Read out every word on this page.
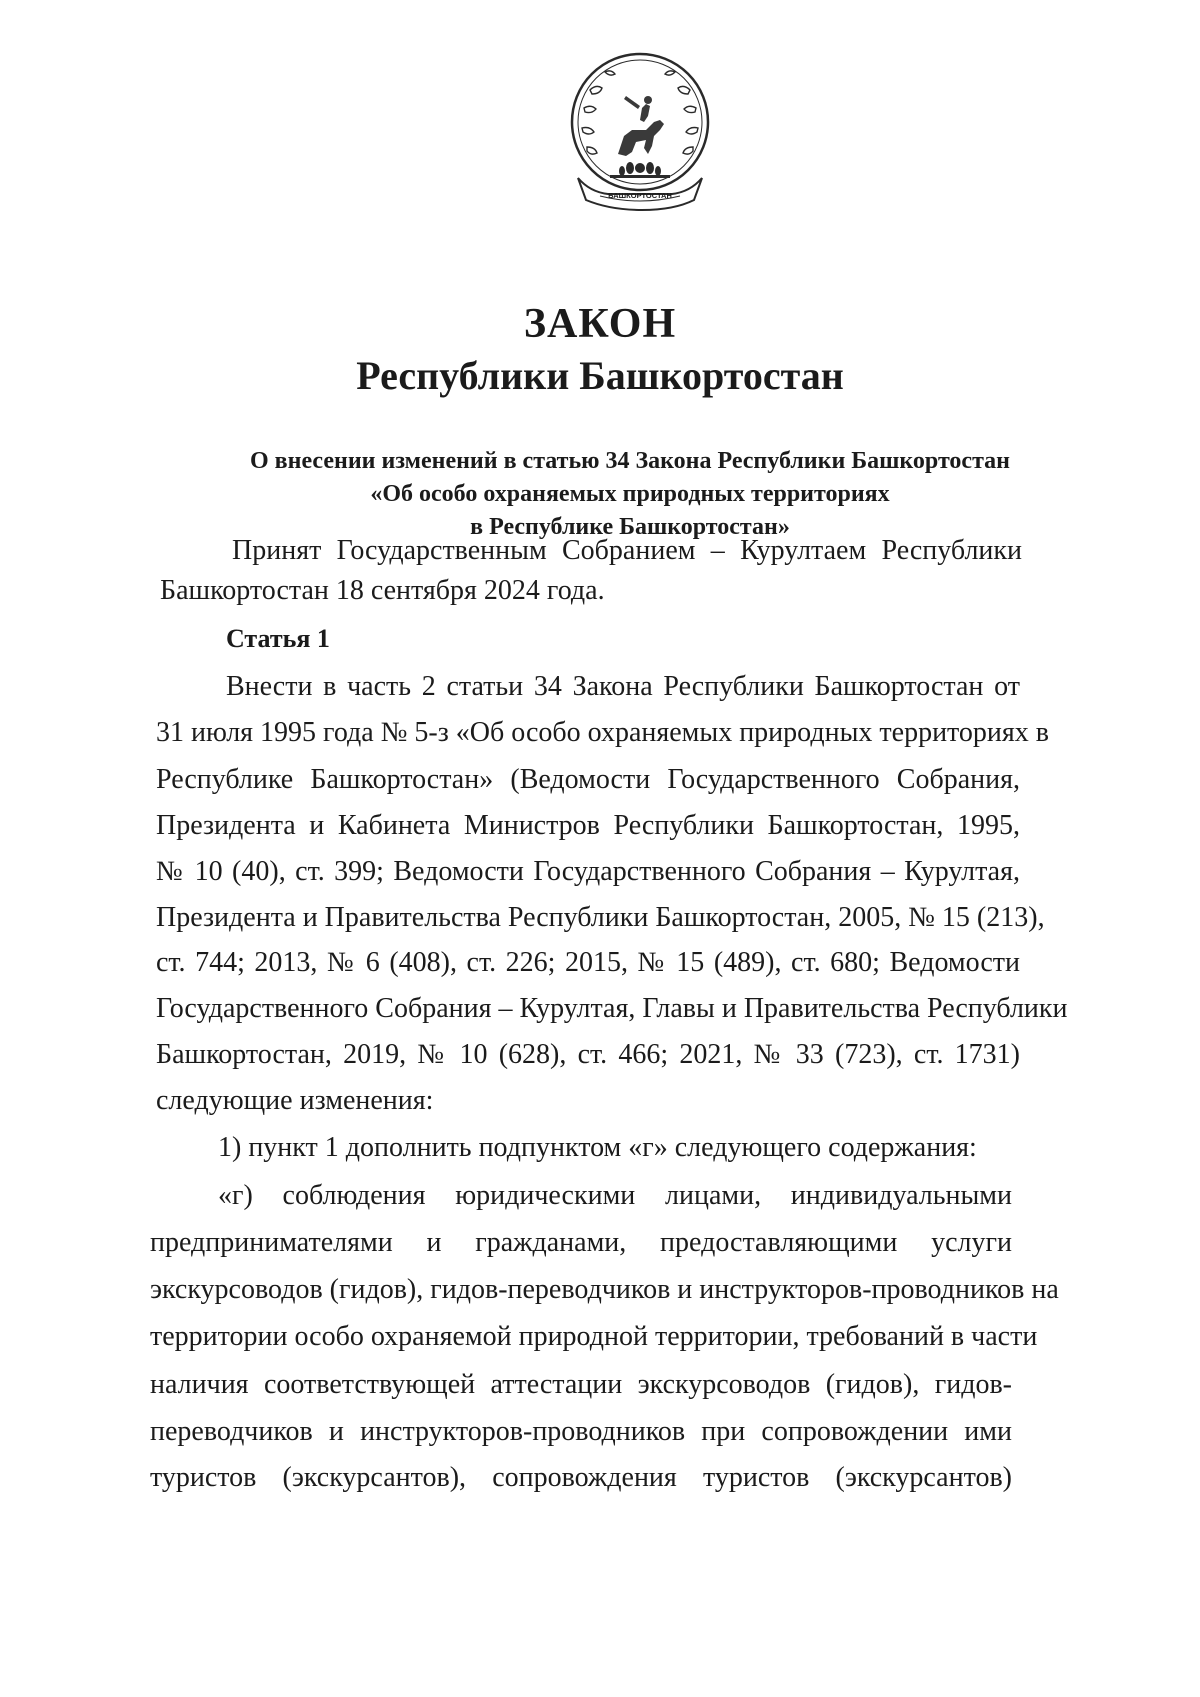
БАШКОРТОСТАН
ЗАКОН
Республики Башкортостан
О внесении изменений в статью 34 Закона Республики Башкортостан
«Об особо охраняемых природных территориях
в Республике Башкортостан»
Принят Государственным Собранием – Курултаем Республики
Башкортостан 18 сентября 2024 года.
Статья 1
Внести в часть 2 статьи 34 Закона Республики Башкортостан от
31 июля 1995 года № 5-з «Об особо охраняемых природных территориях в
Республике Башкортостан» (Ведомости Государственного Собрания,
Президента и Кабинета Министров Республики Башкортостан, 1995,
№ 10 (40), ст. 399; Ведомости Государственного Собрания – Курултая,
Президента и Правительства Республики Башкортостан, 2005, № 15 (213),
ст. 744; 2013, № 6 (408), ст. 226; 2015, № 15 (489), ст. 680; Ведомости
Государственного Собрания – Курултая, Главы и Правительства Республики
Башкортостан, 2019, № 10 (628), ст. 466; 2021, № 33 (723), ст. 1731)
следующие изменения:
1) пункт 1 дополнить подпунктом «г» следующего содержания:
«г) соблюдения юридическими лицами, индивидуальными
предпринимателями и гражданами, предоставляющими услуги
экскурсоводов (гидов), гидов-переводчиков и инструкторов-проводников на
территории особо охраняемой природной территории, требований в части
наличия соответствующей аттестации экскурсоводов (гидов), гидов-
переводчиков и инструкторов-проводников при сопровождении ими
туристов (экскурсантов), сопровождения туристов (экскурсантов)
